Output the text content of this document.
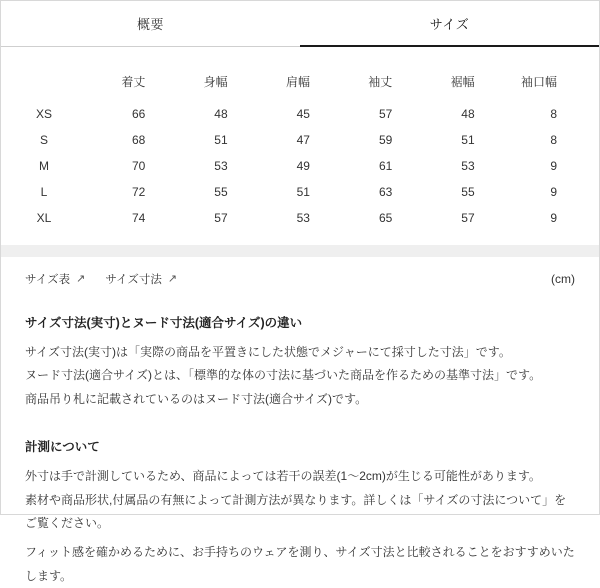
概要	サイズ
	着丈	身幅	肩幅	袖丈	裾幅	袖口幅
XS	66	48	45	57	48	8
S	68	51	47	59	51	8
M	70	53	49	61	53	9
L	72	55	51	63	55	9
XL	74	57	53	65	57	9
サイズ表 ↗ サイズ寸法 ↗	(cm)
サイズ寸法(実寸)とヌード寸法(適合サイズ)の違い

サイズ寸法(実寸)は「実際の商品を平置きにした状態でメジャーにて採寸した寸法」です。

ヌード寸法(適合サイズ)とは、「標準的な体の寸法に基づいた商品を作るための基準寸法」です。

商品吊り札に記載されているのはヌード寸法(適合サイズ)です。

計測について

外寸は手で計測しているため、商品によっては若干の誤差(1〜2cm)が生じる可能性があります。

素材や商品形状,付属品の有無によって計測方法が異なります。詳しくは「サイズの寸法について」をご覧ください。

フィット感を確かめるために、お手持ちのウェアを測り、サイズ寸法と比較されることをおすすめいたします。
